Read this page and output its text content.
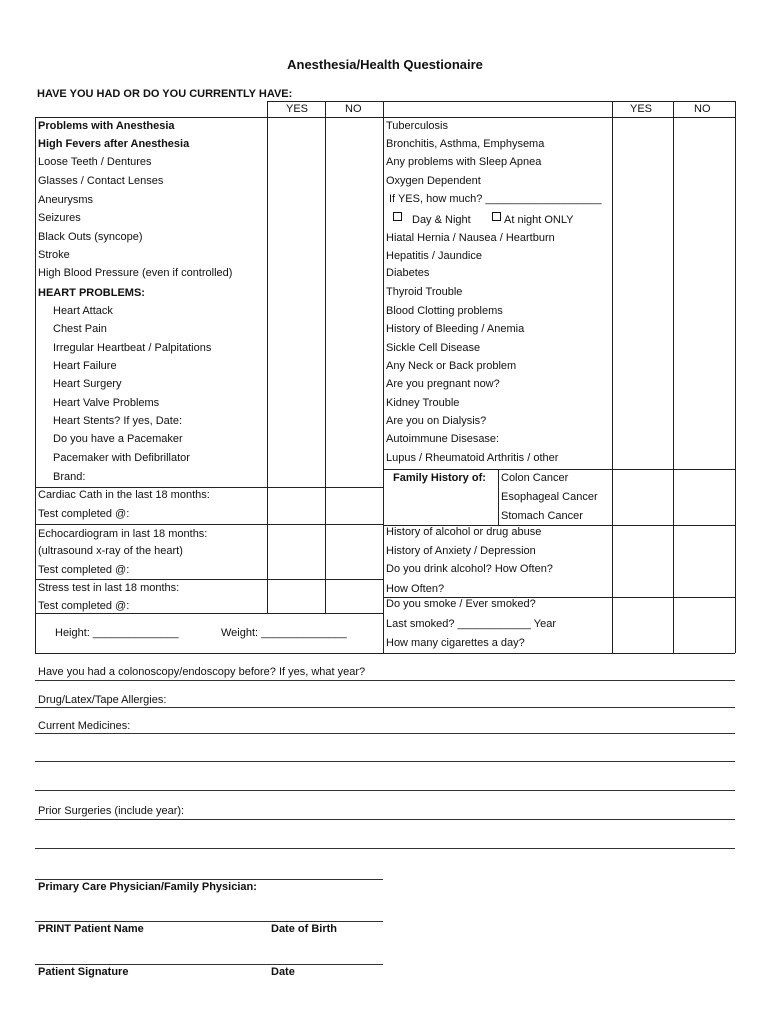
Anesthesia/Health Questionaire
HAVE YOU HAD OR DO YOU CURRENTLY HAVE:
YES	NO	YES	NO
Problems with Anesthesia
High Fevers after Anesthesia
Loose Teeth / Dentures
Glasses / Contact Lenses
Aneurysms
Seizures
Black Outs (syncope)
Stroke
High Blood Pressure (even if controlled)
HEART PROBLEMS:
Heart Attack
Chest Pain
Irregular Heartbeat / Palpitations
Heart Failure
Heart Surgery
Heart Valve Problems
Heart Stents? If yes, Date:
Do you have a Pacemaker
Pacemaker with Defibrillator
Brand:
Cardiac Cath in the last 18 months:
Test completed @:
Echocardiogram in last 18 months:
(ultrasound x-ray of the heart)
Test completed @:
Stress test in last 18 months:
Test completed @:
Height: ______________	Weight: ______________
Tuberculosis
Bronchitis, Asthma, Emphysema
Any problems with Sleep Apnea
Oxygen Dependent
If YES, how much? ___________________
Day & Night	At night ONLY
Hiatal Hernia / Nausea / Heartburn
Hepatitis / Jaundice
Diabetes
Thyroid Trouble
Blood Clotting problems
History of Bleeding / Anemia
Sickle Cell Disease
Any Neck or Back problem
Are you pregnant now?
Kidney Trouble
Are you on Dialysis?
Autoimmune Disesase:
Lupus / Rheumatoid Arthritis / other
Family History of: Colon Cancer
Esophageal Cancer
Stomach Cancer
History of alcohol or drug abuse
History of Anxiety / Depression
Do you drink alcohol? How Often?
How Often?
Do you smoke / Ever smoked?
Last smoked? ____________ Year
How many cigarettes a day?
Have you had a colonoscopy/endoscopy before? If yes, what year?
Drug/Latex/Tape Allergies:
Current Medicines:
Prior Surgeries (include year):
Primary Care Physician/Family Physician:
PRINT Patient Name	Date of Birth
Patient Signature	Date
